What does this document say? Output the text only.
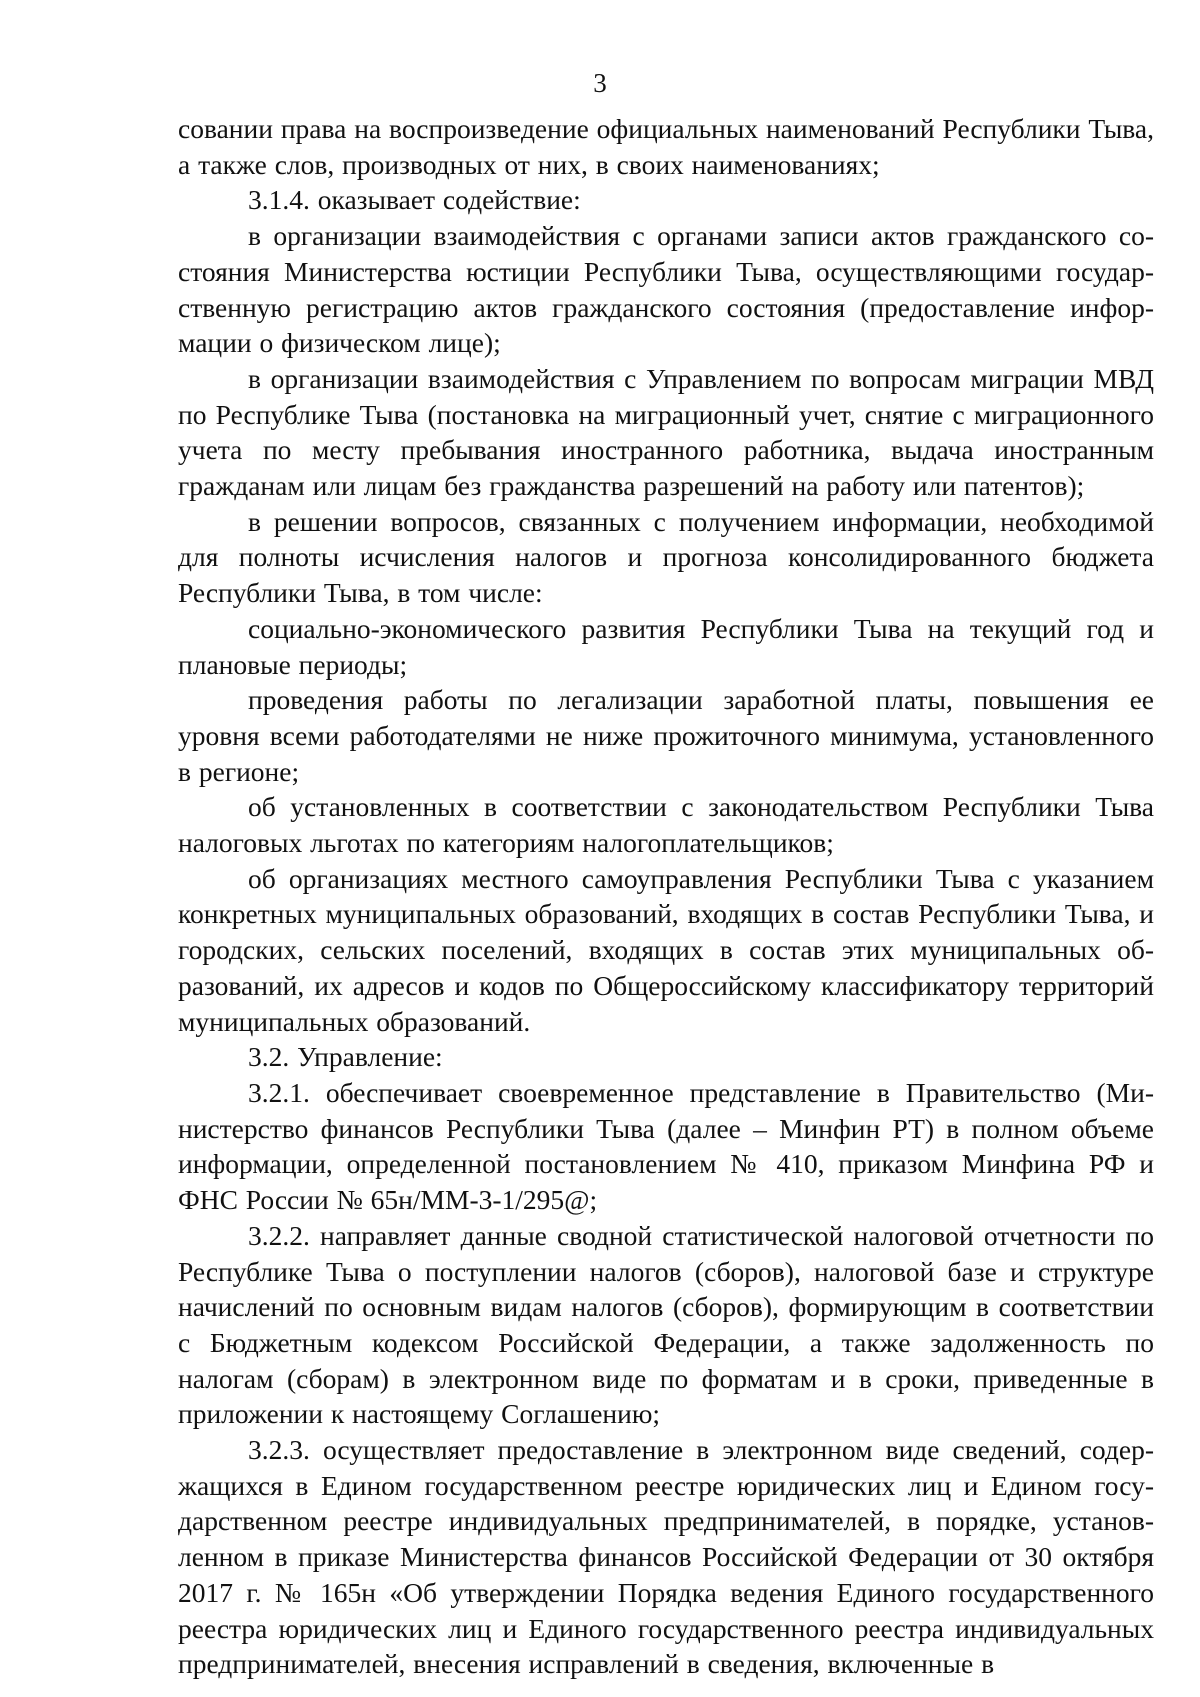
3

совании права на воспроизведение официальных наименований Республики Тыва, а также слов, производных от них, в своих наименованиях;

3.1.4. оказывает содействие:

в организации взаимодействия с органами записи актов гражданского состояния Министерства юстиции Республики Тыва, осуществляющими государственную регистрацию актов гражданского состояния (предоставление информации о физическом лице);

в организации взаимодействия с Управлением по вопросам миграции МВД по Республике Тыва (постановка на миграционный учет, снятие с миграционного учета по месту пребывания иностранного работника, выдача иностранным гражданам или лицам без гражданства разрешений на работу или патентов);

в решении вопросов, связанных с получением информации, необходимой для полноты исчисления налогов и прогноза консолидированного бюджета Республики Тыва, в том числе:

социально-экономического развития Республики Тыва на текущий год и плановые периоды;

проведения работы по легализации заработной платы, повышения ее уровня всеми работодателями не ниже прожиточного минимума, установленного в регионе;

об установленных в соответствии с законодательством Республики Тыва налоговых льготах по категориям налогоплательщиков;

об организациях местного самоуправления Республики Тыва с указанием конкретных муниципальных образований, входящих в состав Республики Тыва, и городских, сельских поселений, входящих в состав этих муниципальных образований, их адресов и кодов по Общероссийскому классификатору территорий муниципальных образований.

3.2. Управление:

3.2.1. обеспечивает своевременное представление в Правительство (Министерство финансов Республики Тыва (далее – Минфин РТ) в полном объеме информации, определенной постановлением № 410, приказом Минфина РФ и ФНС России № 65н/ММ-3-1/295@;

3.2.2. направляет данные сводной статистической налоговой отчетности по Республике Тыва о поступлении налогов (сборов), налоговой базе и структуре начислений по основным видам налогов (сборов), формирующим в соответствии с Бюджетным кодексом Российской Федерации, а также задолженность по налогам (сборам) в электронном виде по форматам и в сроки, приведенные в приложении к настоящему Соглашению;

3.2.3. осуществляет предоставление в электронном виде сведений, содержащихся в Едином государственном реестре юридических лиц и Едином государственном реестре индивидуальных предпринимателей, в порядке, установленном в приказе Министерства финансов Российской Федерации от 30 октября 2017 г. № 165н «Об утверждении Порядка ведения Единого государственного реестра юридических лиц и Единого государственного реестра индивидуальных предпринимателей, внесения исправлений в сведения, включенные в
